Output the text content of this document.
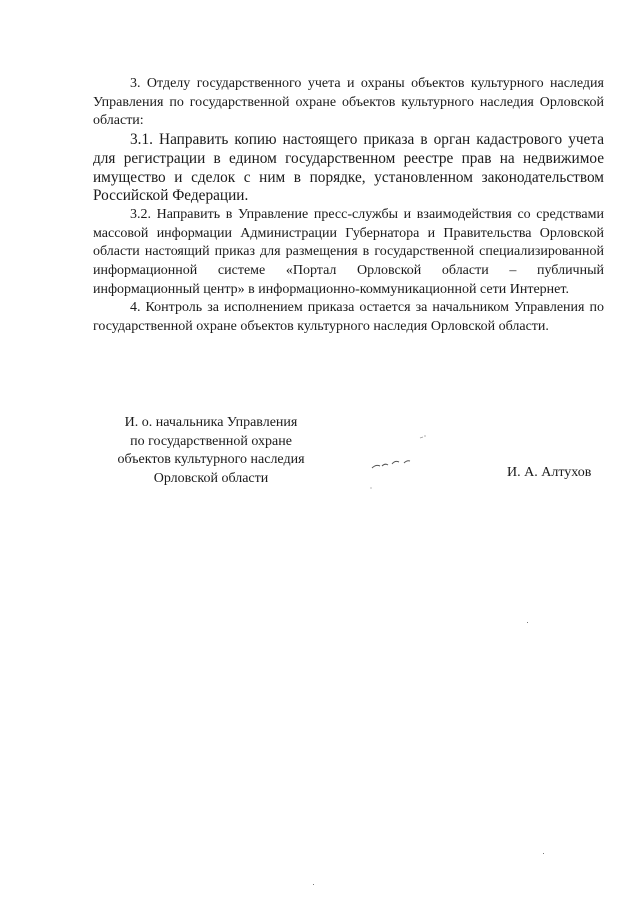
3. Отделу государственного учета и охраны объектов культурного наследия Управления по государственной охране объектов культурного наследия Орловской области:

3.1. Направить копию настоящего приказа в орган кадастрового учета для регистрации в едином государственном реестре прав на недвижимое имущество и сделок с ним в порядке, установленном законодательством Российской Федерации.

3.2. Направить в Управление пресс-службы и взаимодействия со средствами массовой информации Администрации Губернатора и Правительства Орловской области настоящий приказ для размещения в государственной специализированной информационной системе «Портал Орловской области – публичный информационный центр» в информационно-коммуникационной сети Интернет.

4. Контроль за исполнением приказа остается за начальником Управления по государственной охране объектов культурного наследия Орловской области.

И. о. начальника Управления
по государственной охране
объектов культурного наследия
Орловской области	И. А. Алтухов
